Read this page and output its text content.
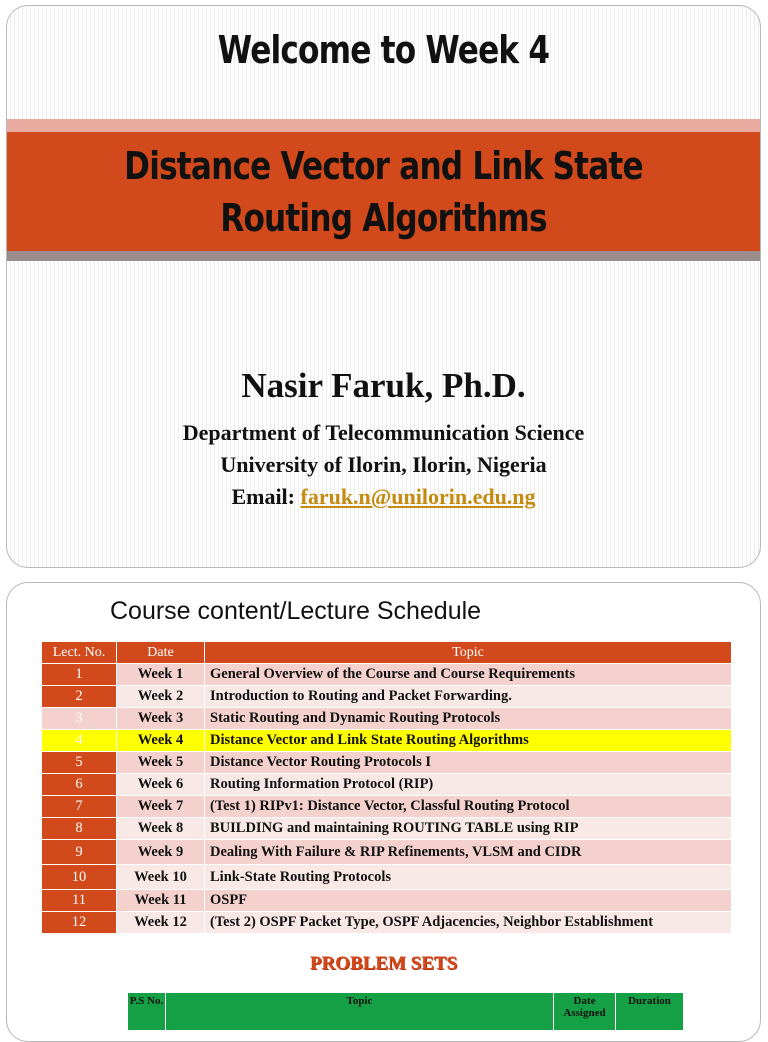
Welcome to Week 4
Distance Vector and Link State
Routing Algorithms
Nasir Faruk, Ph.D.
Department of Telecommunication Science
University of Ilorin, Ilorin, Nigeria
Email: faruk.n@unilorin.edu.ng
Course content/Lecture Schedule
Lect. No.	Date	Topic
1	Week 1	General Overview of the Course and Course Requirements
2	Week 2	Introduction to Routing and Packet Forwarding.
3	Week 3	Static Routing and Dynamic Routing Protocols
4	Week 4	Distance Vector and Link State Routing Algorithms
5	Week 5	Distance Vector Routing Protocols I
6	Week 6	Routing Information Protocol (RIP)
7	Week 7	(Test 1) RIPv1: Distance Vector, Classful Routing Protocol
8	Week 8	BUILDING and maintaining ROUTING TABLE using RIP
9	Week 9	Dealing With Failure & RIP Refinements, VLSM and CIDR
10	Week 10	Link-State Routing Protocols
11	Week 11	OSPF
12	Week 12	(Test 2) OSPF Packet Type, OSPF Adjacencies, Neighbor Establishment
PROBLEM SETS
P.S No.	Topic	Date Assigned	Duration
